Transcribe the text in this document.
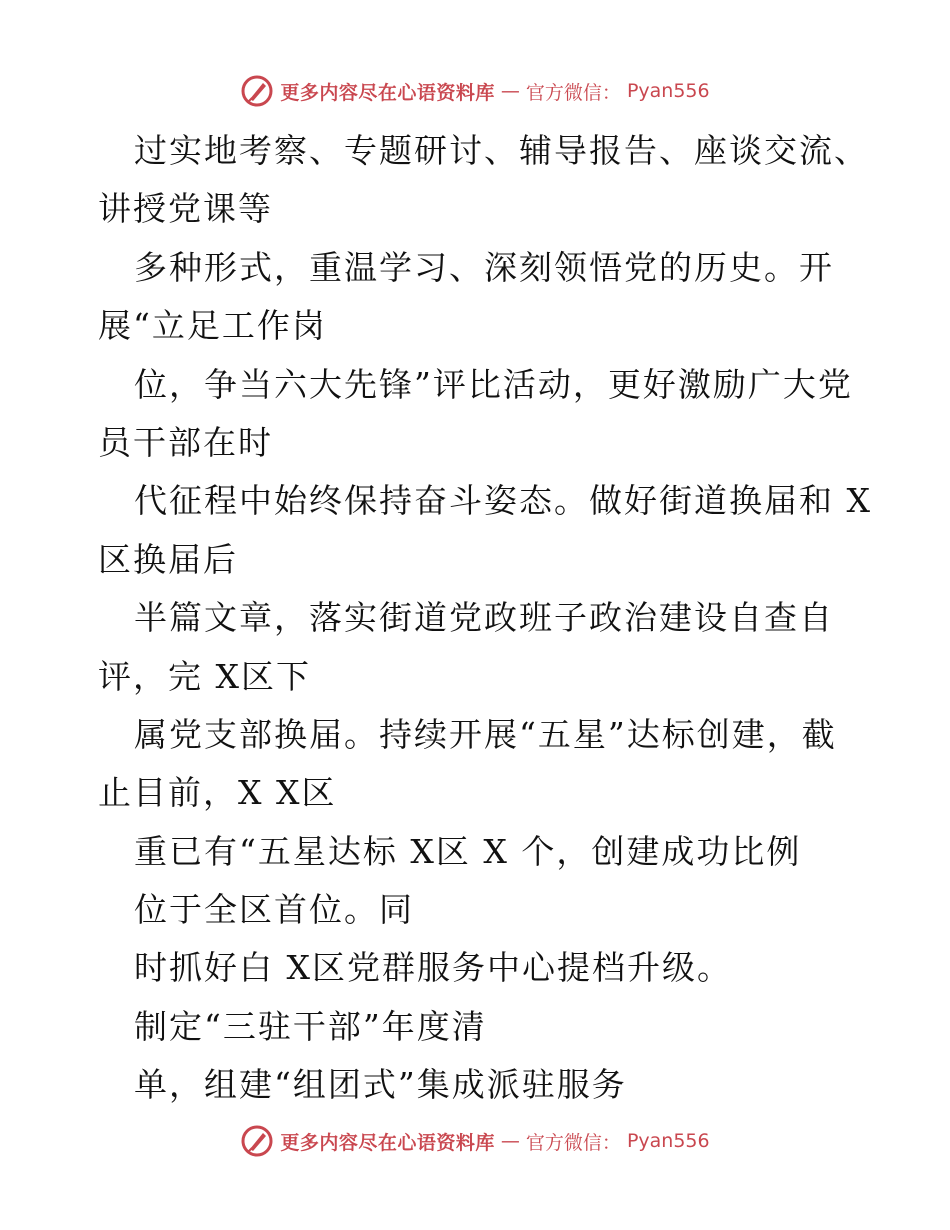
更多内容尽在心语资料库 — 官方微信： Pyan556
过实地考察、专题研讨、辅导报告、座谈交流、
讲授党课等
多种形式，重温学习、深刻领悟党的历史。开
展“立足工作岗
位，争当六大先锋”评比活动，更好激励广大党
员干部在时
代征程中始终保持奋斗姿态。做好街道换届和 X
区换届后
半篇文章，落实街道党政班子政治建设自查自
评，完 X区下
属党支部换届。持续开展“五星”达标创建，截
止目前，X X区
重已有“五星达标 X区 X 个，创建成功比例
位于全区首位。同
时抓好白 X区党群服务中心提档升级。
制定“三驻干部”年度清
单，组建“组团式”集成派驻服务
更多内容尽在心语资料库 — 官方微信： Pyan556
